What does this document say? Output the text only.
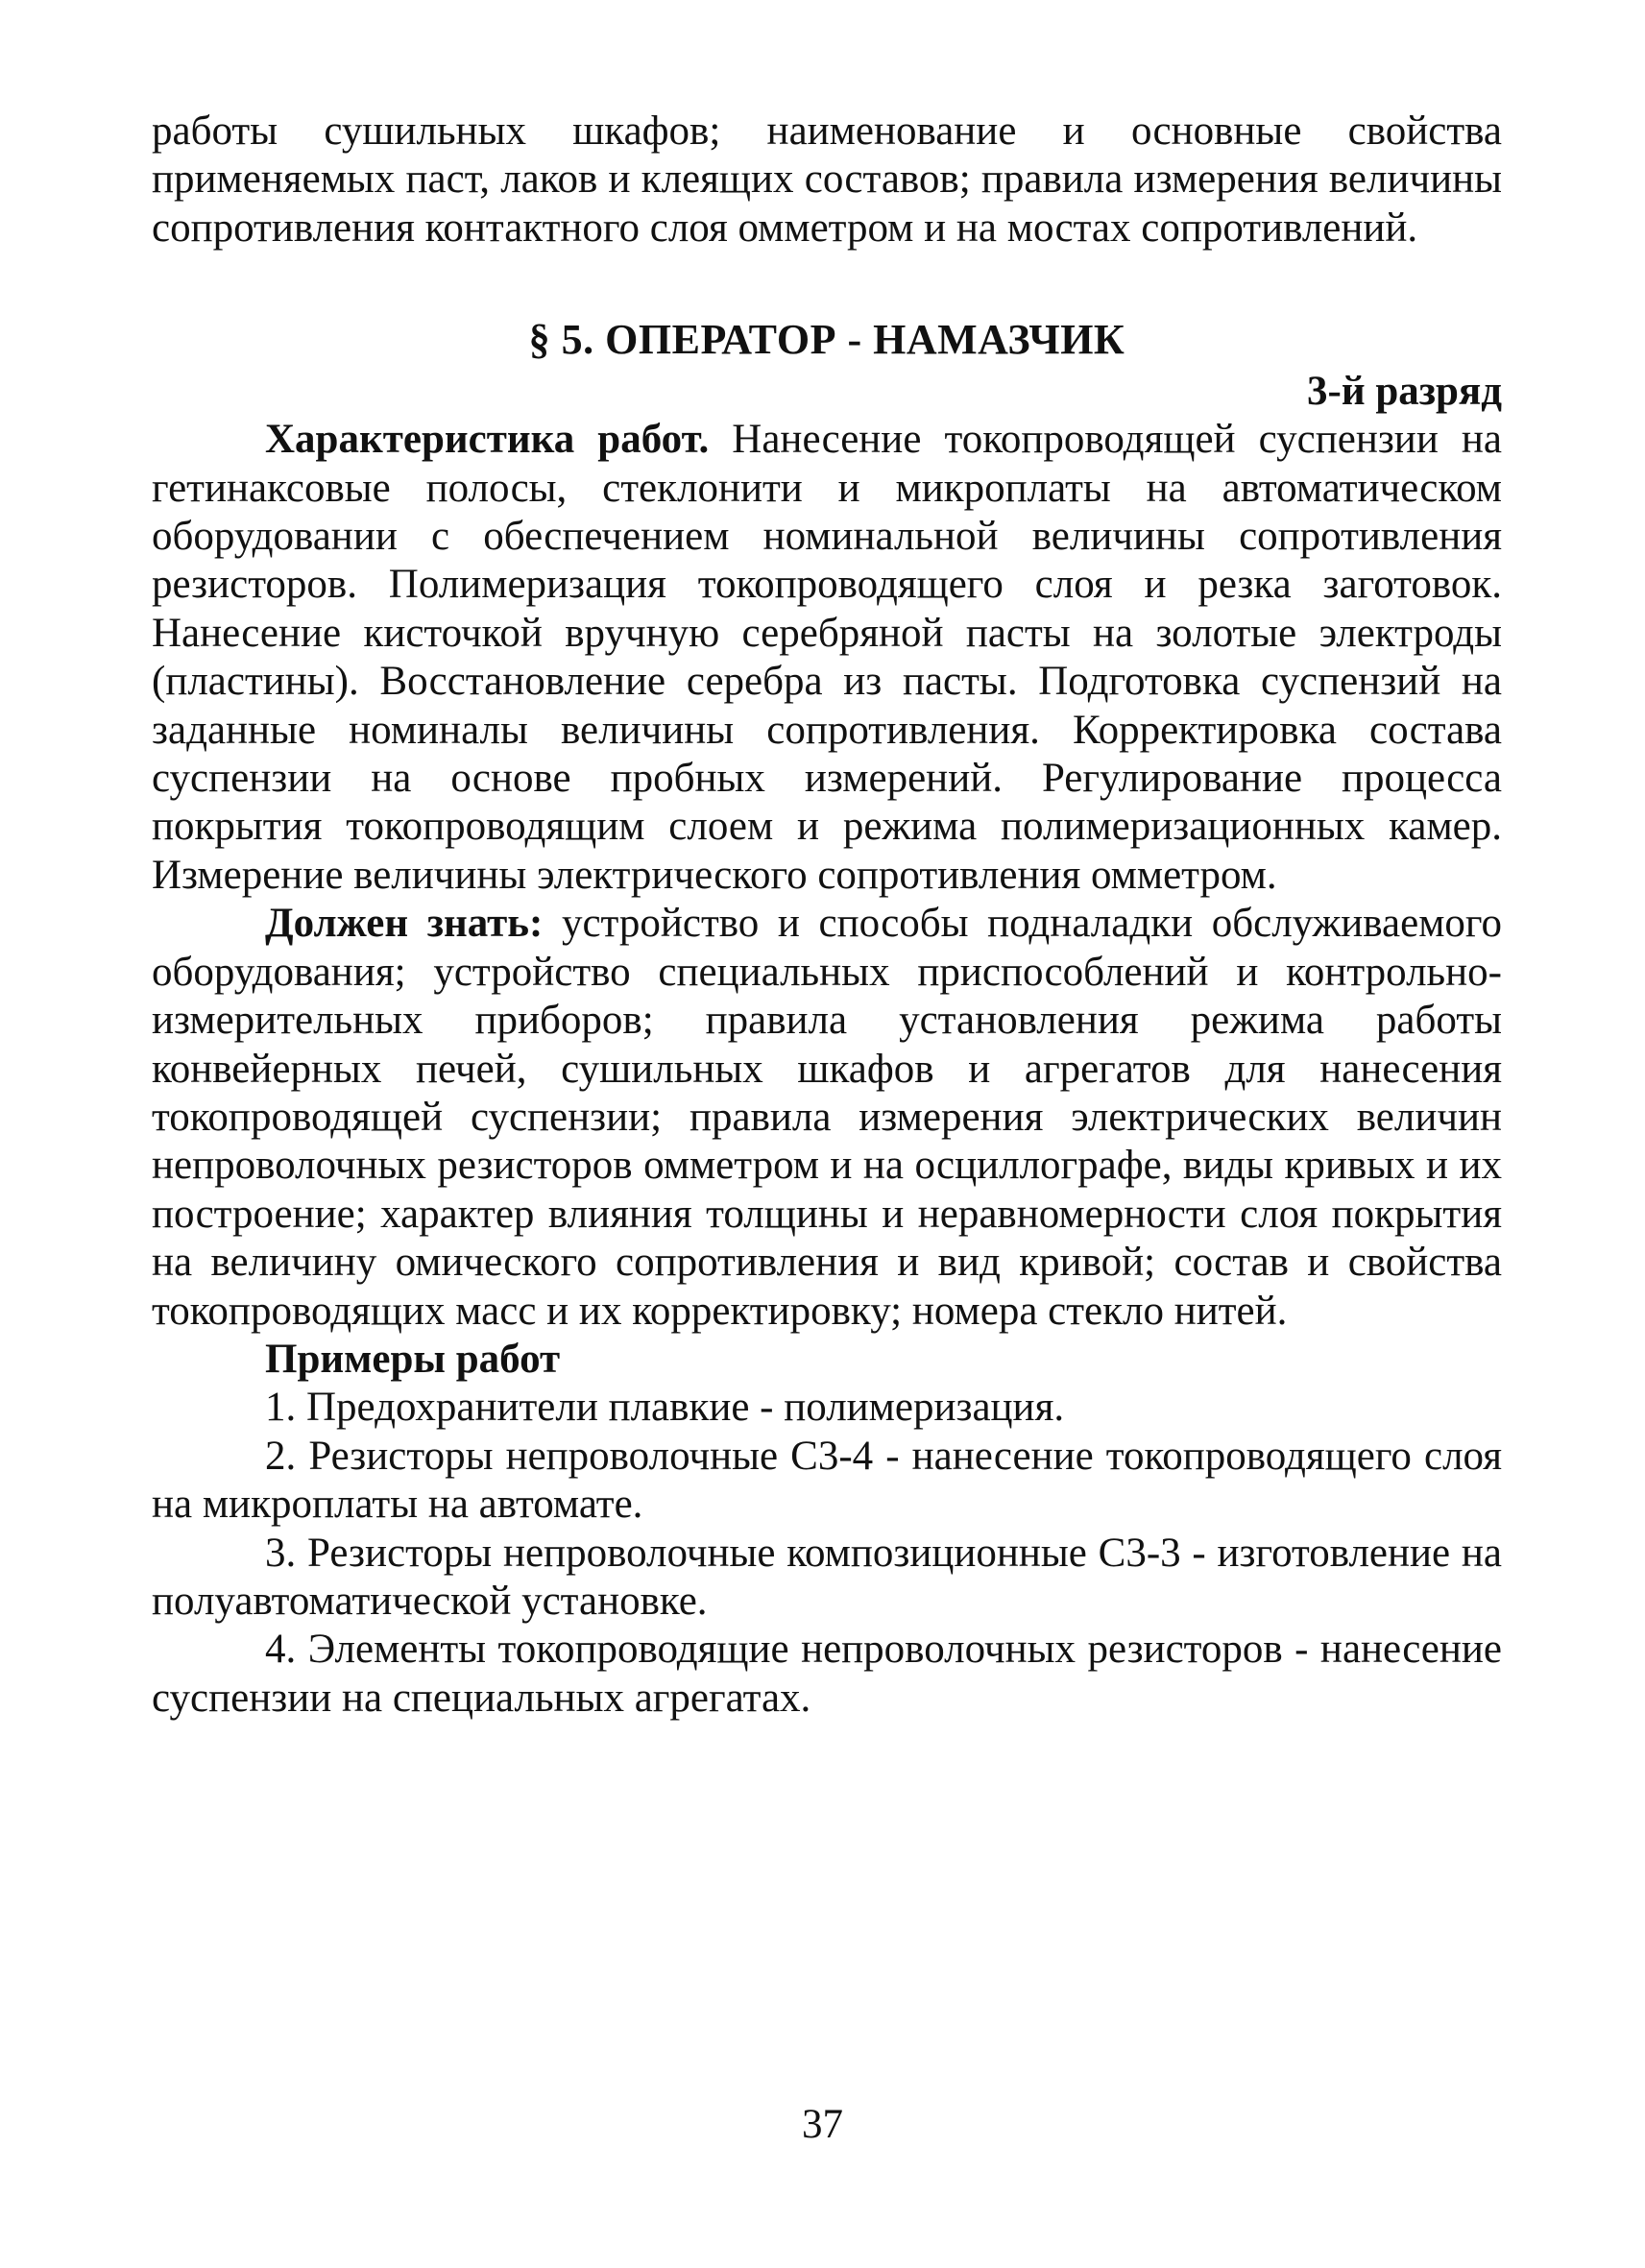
работы сушильных шкафов; наименование и основные свойства применяемых паст, лаков и клеящих составов; правила измерения величины сопротивления контактного слоя омметром и на мостах сопротивлений.

§ 5. ОПЕРАТОР - НАМАЗЧИК

3-й разряд

Характеристика работ. Нанесение токопроводящей суспензии на гетинаксовые полосы, стеклонити и микроплаты на автоматическом оборудовании с обеспечением номинальной величины сопротивления резисторов. Полимеризация токопроводящего слоя и резка заготовок. Нанесение кисточкой вручную серебряной пасты на золотые электроды (пластины). Восстановление серебра из пасты. Подготовка суспензий на заданные номиналы величины сопротивления. Корректировка состава суспензии на основе пробных измерений. Регулирование процесса покрытия токопроводящим слоем и режима полимеризационных камер. Измерение величины электрического сопротивления омметром.

Должен знать: устройство и способы подналадки обслуживаемого оборудования; устройство специальных приспособлений и контрольно-измерительных приборов; правила установления режима работы конвейерных печей, сушильных шкафов и агрегатов для нанесения токопроводящей суспензии; правила измерения электрических величин непроволочных резисторов омметром и на осциллографе, виды кривых и их построение; характер влияния толщины и неравномерности слоя покрытия на величину омического сопротивления и вид кривой; состав и свойства токопроводящих масс и их корректировку; номера стекло нитей.

Примеры работ

1. Предохранители плавкие - полимеризация.

2. Резисторы непроволочные С3-4 - нанесение токопроводящего слоя на микроплаты на автомате.

3. Резисторы непроволочные композиционные С3-3 - изготовление на полуавтоматической установке.

4. Элементы токопроводящие непроволочных резисторов - нанесение суспензии на специальных агрегатах.

37
